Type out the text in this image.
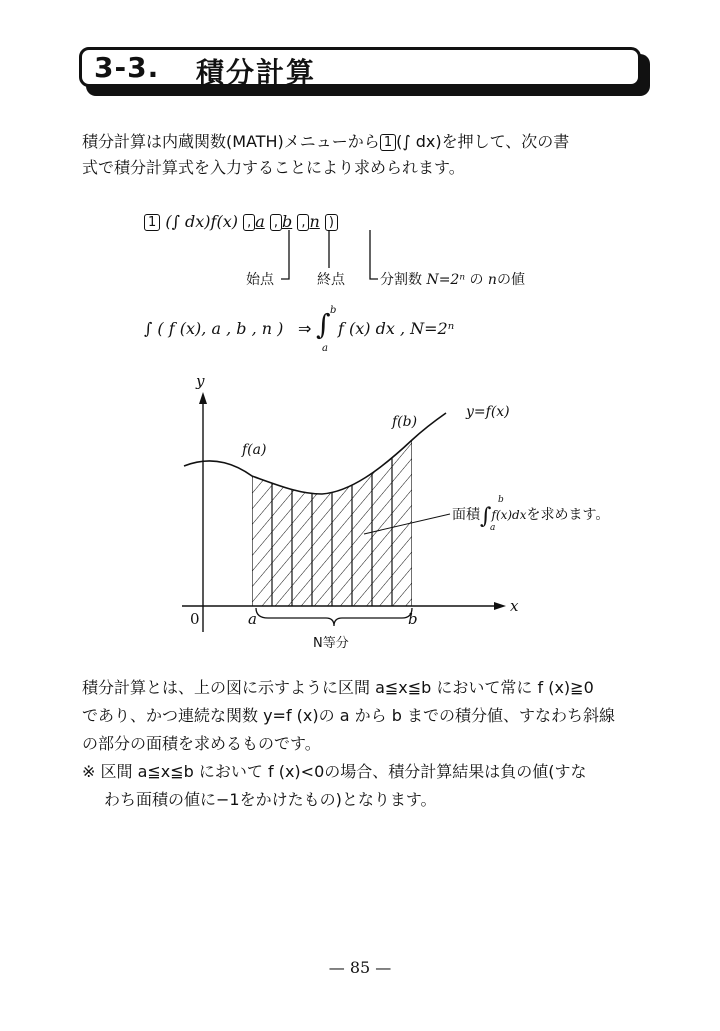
3-3. 積分計算
積分計算は内蔵関数(MATH)メニューから 1 (∫ dx)を押して、次の書
式で積分計算式を入力することにより求められます。
1 (∫ dx)f(x) , a , b , n )
始点	終点	分割数 N=2ⁿ の nの値
∫ ( f (x), a , b , n ) ⇒ ∫ b
a
f (x) dx , N=2ⁿ
y
x
0
f(a)
f(b)
y=f(x)
a	b
N等分
面積∫f(x)dxを求めます。
b
a
積分計算とは、上の図に示すように区間 a≦x≦b において常に f (x)≧0
であり、かつ連続な関数 y=f (x)の a から b までの積分値、すなわち斜線
の部分の面積を求めるものです。
※ 区間 a≦x≦b において f (x)<0の場合、積分計算結果は負の値(すな
わち面積の値に−1をかけたもの)となります。
— 85 —
